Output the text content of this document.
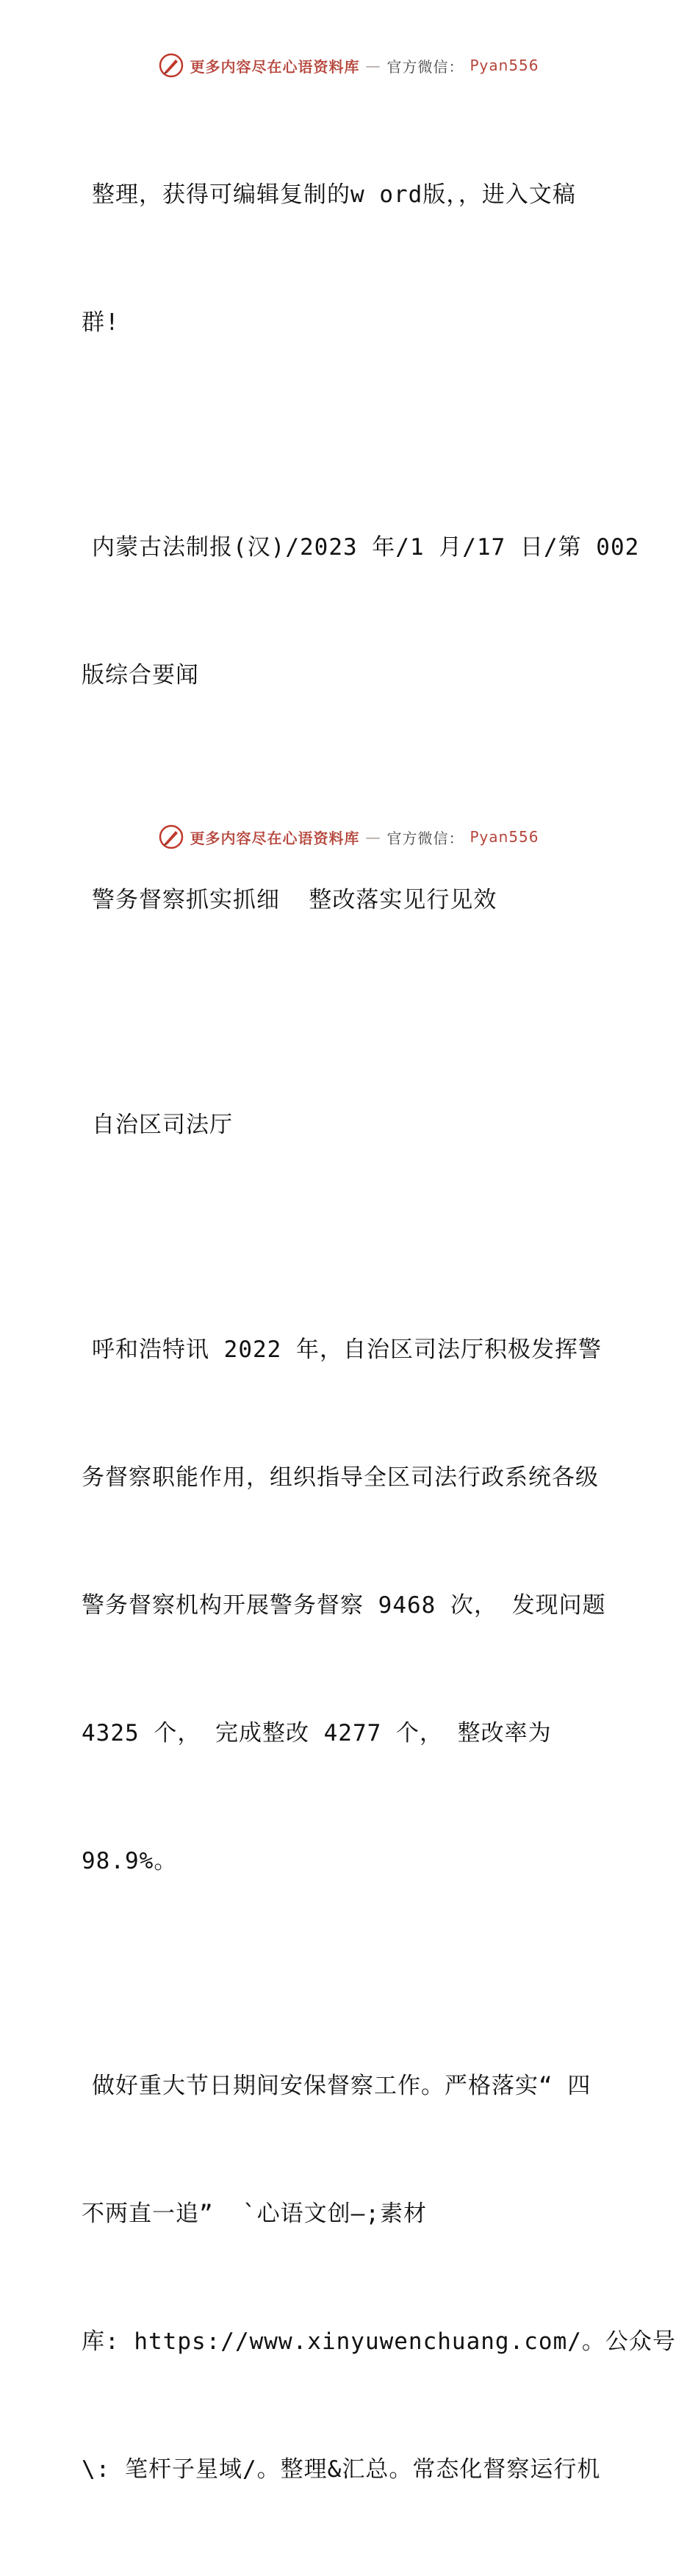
更多内容尽在心语资料库 — 官方微信： Pyan556

整理，获得可编辑复制的w ord版，，进入文稿

群!

内蒙古法制报(汉)/2023 年/1 月/17 日/第 002

版综合要闻

警务督察抓实抓细  整改落实见行见效

自治区司法厅

呼和浩特讯 2022 年，自治区司法厅积极发挥警

务督察职能作用，组织指导全区司法行政系统各级

警务督察机构开展警务督察 9468 次， 发现问题

4325 个， 完成整改 4277 个， 整改率为

98.9%。

做好重大节日期间安保督察工作。严格落实“ 四

不两直一追”  `心语文创—;素材

库: https://www.xinyuwenchuang.com/。公众号

\: 笔杆子星域/。整理&汇总。常态化督察运行机

更多内容尽在心语资料库 — 官方微信： Pyan556
